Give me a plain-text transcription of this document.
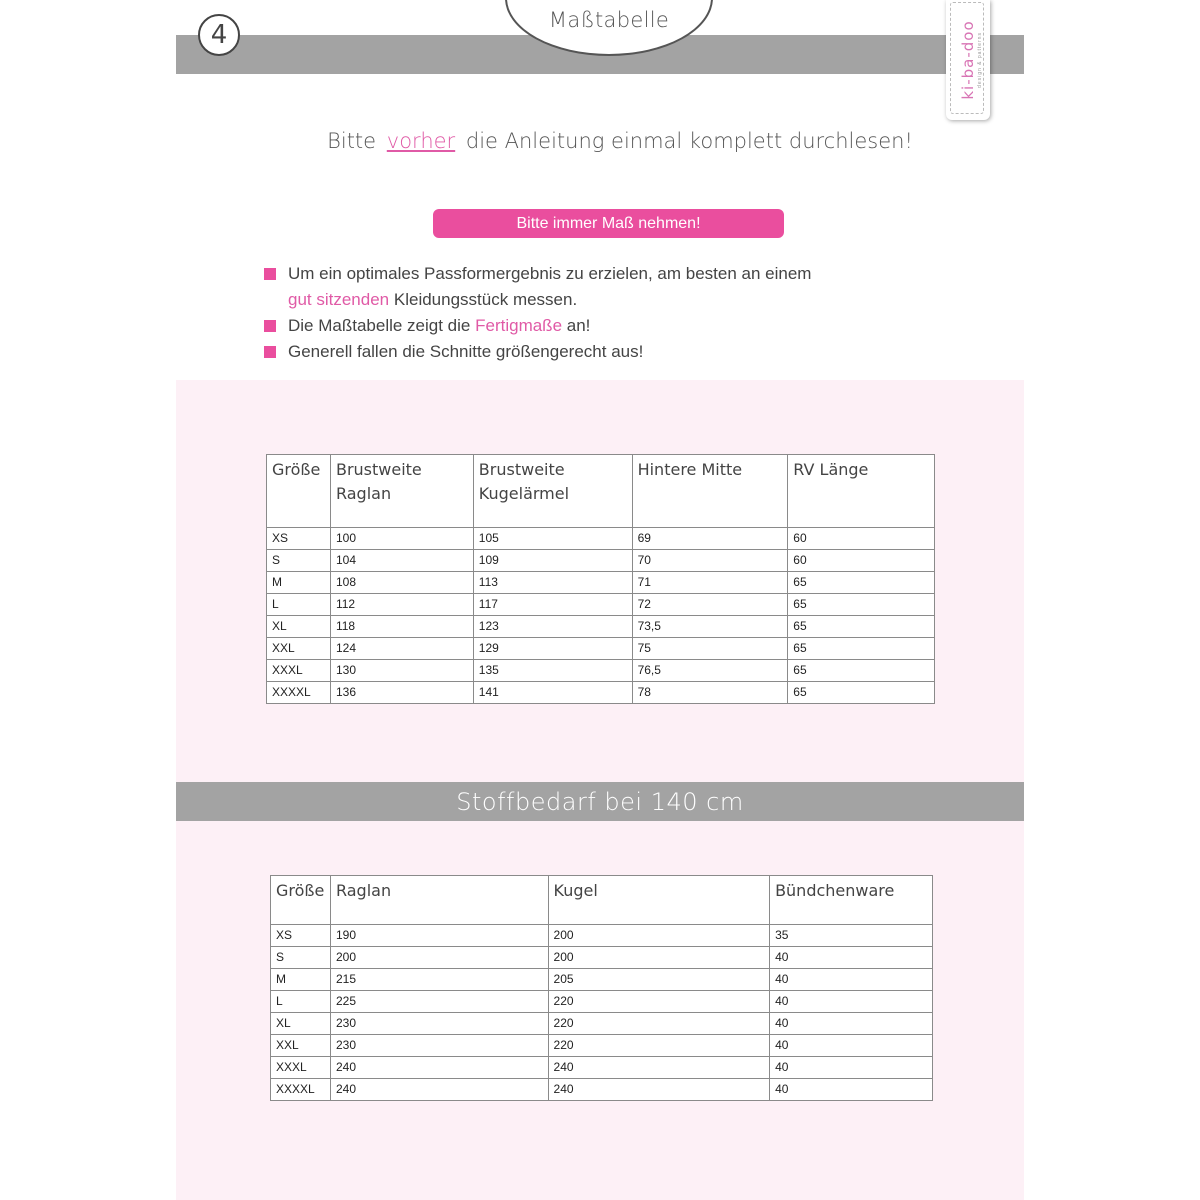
Maßtabelle
4	ki-ba-doo design & patterns
Bitte vorher die Anleitung einmal komplett durchlesen!
Bitte immer Maß nehmen!
Um ein optimales Passformergebnis zu erzielen, am besten an einem
gut sitzenden Kleidungsstück messen.
Die Maßtabelle zeigt die Fertigmaße an!
Generell fallen die Schnitte größengerecht aus!
Stoffbedarf bei 140 cm
Größe	Brustweite Raglan	Brustweite Kugelärmel	Hintere Mitte	RV Länge
XS	100	105	69	60
S	104	109	70	60
M	108	113	71	65
L	112	117	72	65
XL	118	123	73,5	65
XXL	124	129	75	65
XXXL	130	135	76,5	65
XXXXL	136	141	78	65
Größe	Raglan	Kugel	Bündchenware
XS	190	200	35
S	200	200	40
M	215	205	40
L	225	220	40
XL	230	220	40
XXL	230	220	40
XXXL	240	240	40
XXXXL	240	240	40
